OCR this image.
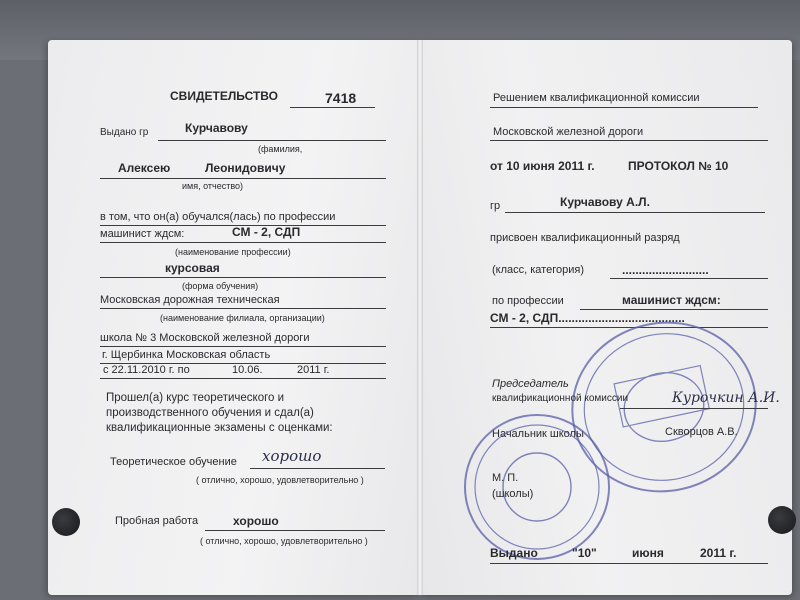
СВИДЕТЕЛЬСТВО	7418
Выдано гр	Курчавову
(фамилия,
Алексею	Леонидовичу
имя, отчество)
в том, что он(а) обучался(лась) по профессии
машинист ждсм:	СМ - 2, СДП
(наименование профессии)
курсовая
(форма обучения)
Московская дорожная техническая
(наименование филиала, организации)
школа № 3 Московской железной дороги
г. Щербинка Московская область
с 22.11.2010 г. по	10.06.	2011 г.
Прошел(а) курс теоретического и
производственного обучения и сдал(а)
квалификационные экзамены с оценками:
Теоретическое обучение хорошо
( отлично, хорошо, удовлетворительно )
Пробная работа	хорошо
( отлично, хорошо, удовлетворительно )
Решением квалификационной комиссии
Московской железной дороги
от 10 июня 2011 г.	ПРОТОКОЛ № 10
гр	Курчавову А.Л.
присвоен квалификационный разряд
(класс, категория)	..........................
по профессии	машинист ждсм:
СМ - 2, СДП......................................
Председатель
квалификационной комиссии	Курочкин А.И.
Начальник школы	Скворцов А.В.
М. П.
(школы)
Выдано	"10"	июня	2011 г.
